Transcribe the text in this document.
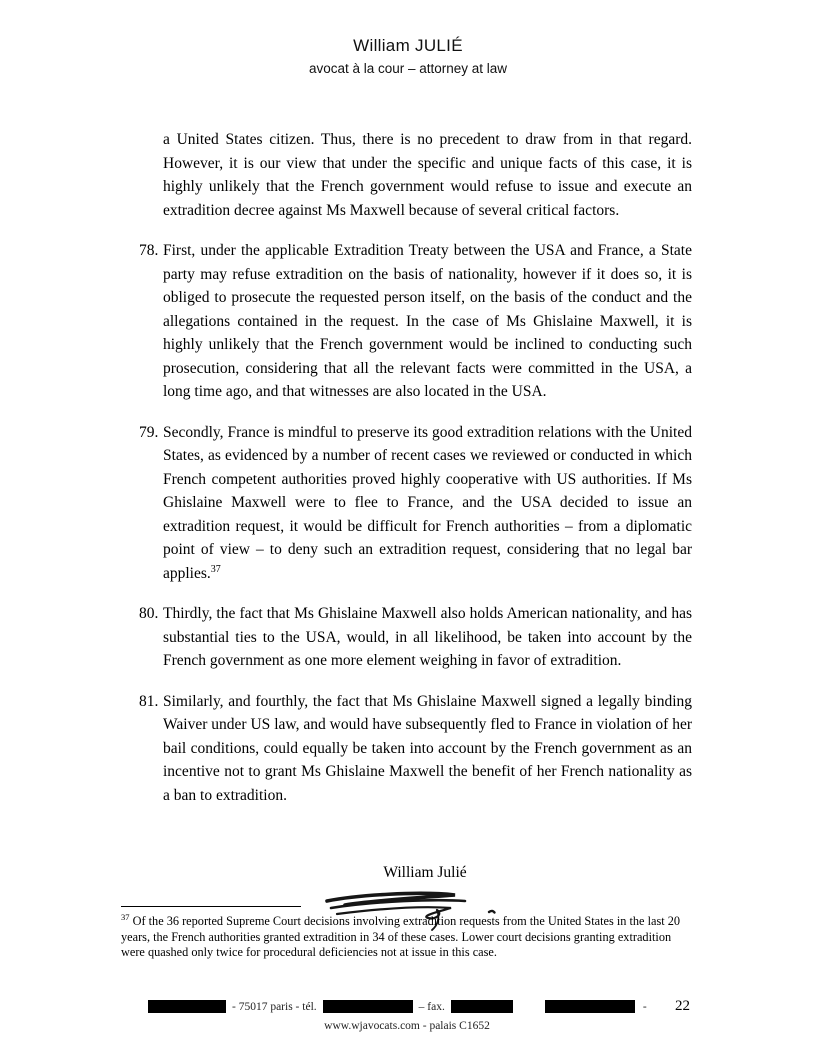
William JULIÉ
avocat à la cour – attorney at law
a United States citizen. Thus, there is no precedent to draw from in that regard. However, it is our view that under the specific and unique facts of this case, it is highly unlikely that the French government would refuse to issue and execute an extradition decree against Ms Maxwell because of several critical factors.
78. First, under the applicable Extradition Treaty between the USA and France, a State party may refuse extradition on the basis of nationality, however if it does so, it is obliged to prosecute the requested person itself, on the basis of the conduct and the allegations contained in the request. In the case of Ms Ghislaine Maxwell, it is highly unlikely that the French government would be inclined to conducting such prosecution, considering that all the relevant facts were committed in the USA, a long time ago, and that witnesses are also located in the USA.
79. Secondly, France is mindful to preserve its good extradition relations with the United States, as evidenced by a number of recent cases we reviewed or conducted in which French competent authorities proved highly cooperative with US authorities. If Ms Ghislaine Maxwell were to flee to France, and the USA decided to issue an extradition request, it would be difficult for French authorities – from a diplomatic point of view – to deny such an extradition request, considering that no legal bar applies.$^{37}$
80. Thirdly, the fact that Ms Ghislaine Maxwell also holds American nationality, and has substantial ties to the USA, would, in all likelihood, be taken into account by the French government as one more element weighing in favor of extradition.
81. Similarly, and fourthly, the fact that Ms Ghislaine Maxwell signed a legally binding Waiver under US law, and would have subsequently fled to France in violation of her bail conditions, could equally be taken into account by the French government as an incentive not to grant Ms Ghislaine Maxwell the benefit of her French nationality as a ban to extradition.
William Julié
$^{37}$ Of the 36 reported Supreme Court decisions involving extradition requests from the United States in the last 20 years, the French authorities granted extradition in 34 of these cases. Lower court decisions granting extradition were quashed only twice for procedural deficiencies not at issue in this case.
- 75017 paris - tél.	– fax.	- 22
www.wjavocats.com - palais C1652
